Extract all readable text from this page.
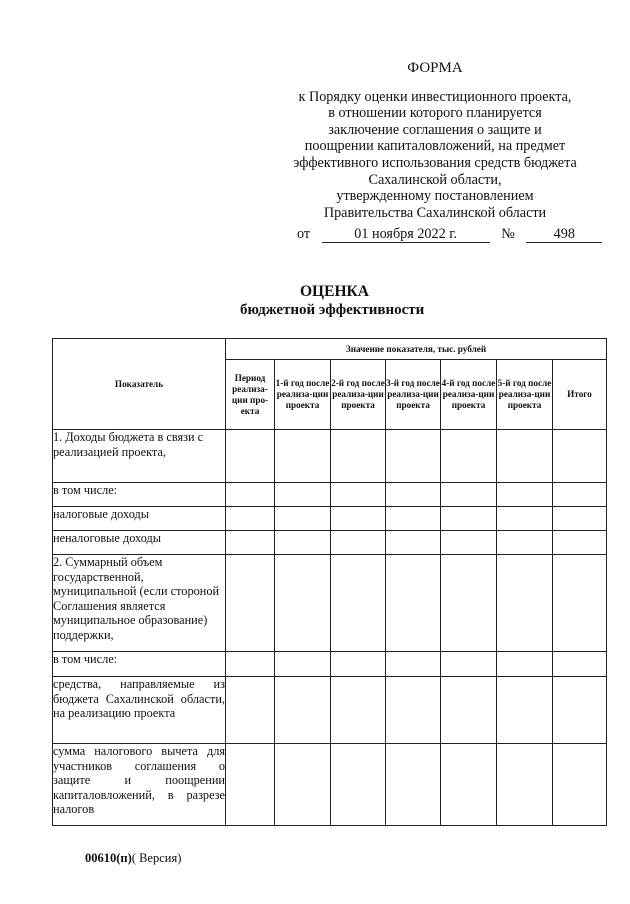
ФОРМА
к Порядку оценки инвестиционного проекта,
в отношении которого планируется
заключение соглашения о защите и
поощрении капиталовложений, на предмет
эффективного использования средств бюджета
Сахалинской области,
утвержденному постановлением
Правительства Сахалинской области
от	01 ноября 2022 г.	№	498
ОЦЕНКА
бюджетной эффективности
Показатель	Значение показателя, тыс. рублей						
	Период реализа-ции про-екта	1-й год после реализа-ции проекта	2-й год после реализа-ции проекта	3-й год после реализа-ции проекта	4-й год после реализа-ции проекта	5-й год после реализа-ции проекта	Итого
1. Доходы бюджета в связи с реализацией проекта,							
в том числе:							
налоговые доходы							
неналоговые доходы							
2. Суммарный объем государственной, муниципальной (если стороной Соглашения является муниципальное образование) поддержки,							
в том числе:							
средства, направляемые из бюджета Сахалинской области, на реализацию проекта							
сумма налогового вычета для участников соглашения о защите и поощрении капиталовложений, в разрезе налогов							
00610(п)( Версия)
